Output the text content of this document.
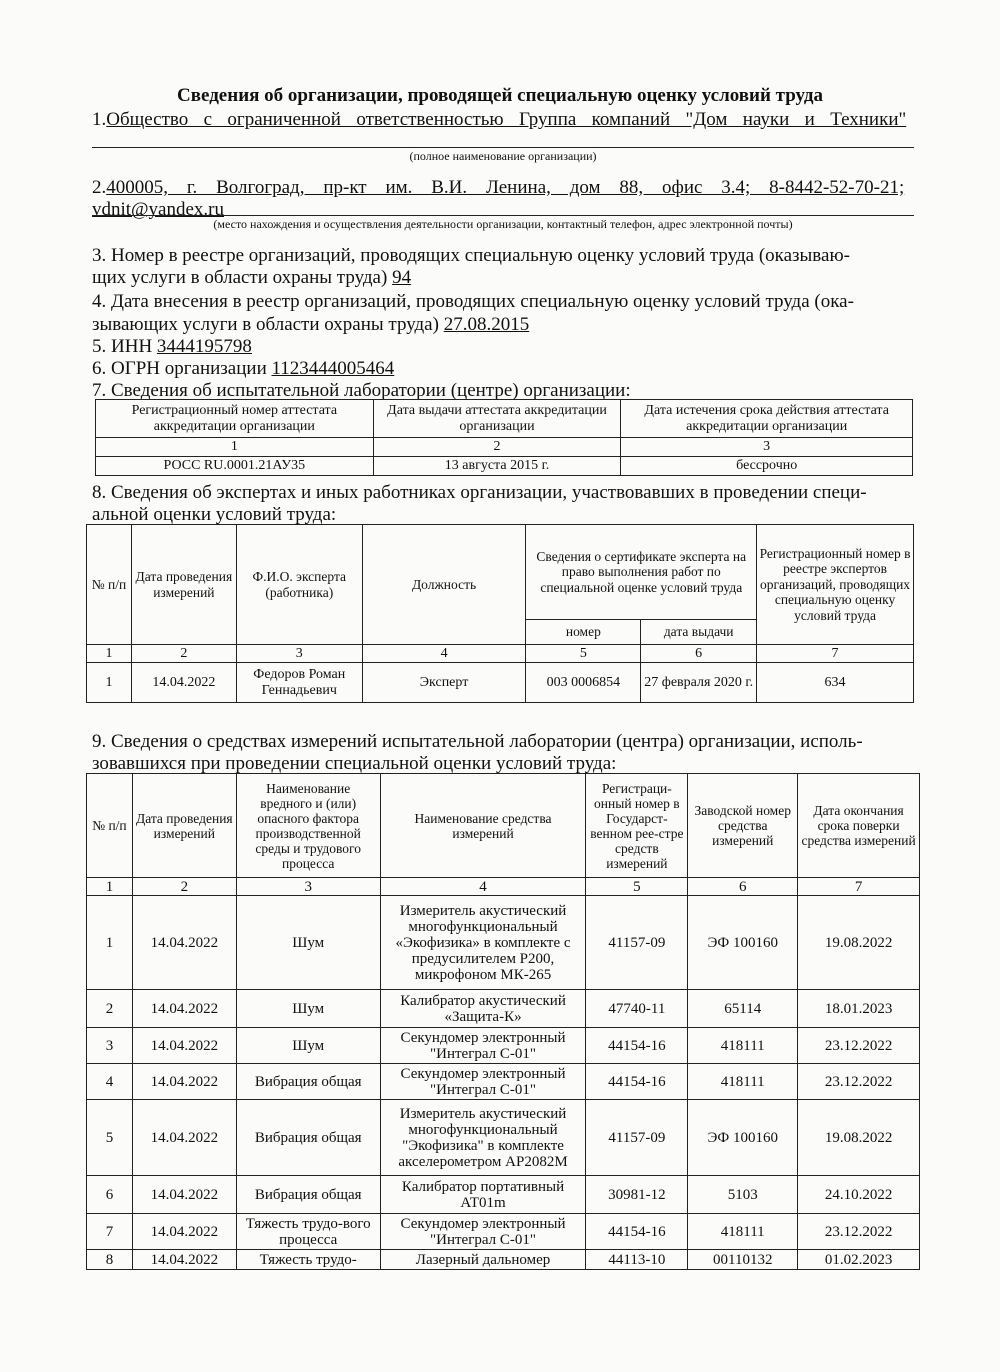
Сведения об организации, проводящей специальную оценку условий труда
1.Общество с ограниченной ответственностью Группа компаний "Дом науки и Техники"
(полное наименование организации)
2.400005, г. Волгоград, пр-кт им. В.И. Ленина, дом 88, офис 3.4; 8-8442-52-70-21;
vdnit@yandex.ru
(место нахождения и осуществления деятельности организации, контактный телефон, адрес электронной почты)
3. Номер в реестре организаций, проводящих специальную оценку условий труда (оказываю-
щих услуги в области охраны труда) 94
4. Дата внесения в реестр организаций, проводящих специальную оценку условий труда (ока-
зывающих услуги в области охраны труда) 27.08.2015
5. ИНН 3444195798
6. ОГРН организации 1123444005464
7. Сведения об испытательной лаборатории (центре) организации:
Регистрационный номер аттестата аккредитации организации	Дата выдачи аттестата аккредитации организации	Дата истечения срока действия аттестата аккредитации организации
1	2	3
РОСС RU.0001.21АУ35	13 августа 2015 г.	бессрочно
8. Сведения об экспертах и иных работниках организации, участвовавших в проведении специ-
альной оценки условий труда:
№ п/п	Дата проведения измерений	Ф.И.О. эксперта (работника)	Должность	Сведения о сертификате эксперта на право выполнения работ по специальной оценке условий труда		Регистрационный номер в реестре экспертов организаций, проводящих специальную оценку условий труда
				номер	дата выдачи	
1	2	3	4	5	6	7
1	14.04.2022	Федоров Роман Геннадьевич	Эксперт	003 0006854	27 февраля 2020 г.	634
9. Сведения о средствах измерений испытательной лаборатории (центра) организации, исполь-
зовавшихся при проведении специальной оценки условий труда:
№ п/п	Дата проведения измерений	Наименование вредного и (или) опасного фактора производственной среды и трудового процесса	Наименование средства измерений	Регистраци-онный номер в Государст-венном рее-стре средств измерений	Заводской номер средства измерений	Дата окончания срока поверки средства измерений
1	2	3	4	5	6	7
1	14.04.2022	Шум	Измеритель акустический многофункциональный «Экофизика» в комплекте с предусилителем Р200, микрофоном МК-265	41157-09	ЭФ 100160	19.08.2022
2	14.04.2022	Шум	Калибратор акустический «Защита-К»	47740-11	65114	18.01.2023
3	14.04.2022	Шум	Секундомер электронный "Интеграл С-01"	44154-16	418111	23.12.2022
4	14.04.2022	Вибрация общая	Секундомер электронный "Интеграл С-01"	44154-16	418111	23.12.2022
5	14.04.2022	Вибрация общая	Измеритель акустический многофункциональный "Экофизика" в комплекте акселерометром АР2082М	41157-09	ЭФ 100160	19.08.2022
6	14.04.2022	Вибрация общая	Калибратор портативный АТ01m	30981-12	5103	24.10.2022
7	14.04.2022	Тяжесть трудо-вого процесса	Секундомер электронный "Интеграл С-01"	44154-16	418111	23.12.2022
8	14.04.2022	Тяжесть трудо-	Лазерный дальномер	44113-10	00110132	01.02.2023
